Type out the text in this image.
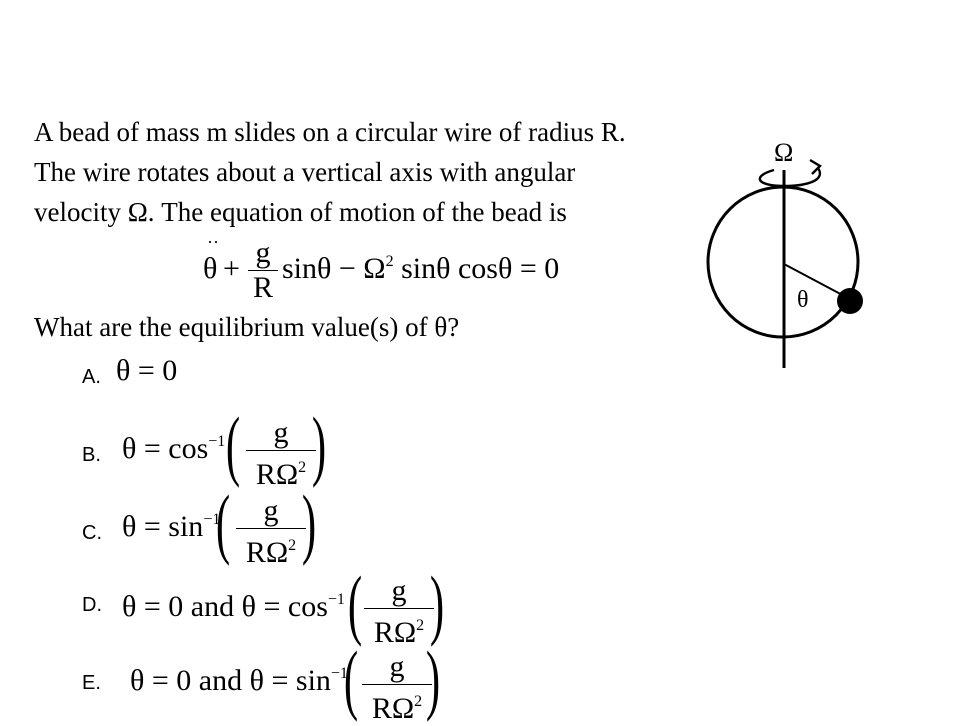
A bead of mass m slides on a circular wire of radius R.
The wire rotates about a vertical axis with angular
velocity Ω. The equation of motion of the bead is
··
θ + g
R
$\sin\theta - \Omega^2$ sinθ cosθ = 0
What are the equilibrium value(s) of θ?
Ω
θ
A. θ = 0
B. $\theta = \cos^{-1}$ (	g
$R\Omega^2$ )
C. $\theta = \sin^{-1}$
(	g
$R\Omega^2$ )
D. θ = 0 and $\theta = \cos^{-1}$ ( g
$R\Omega^2$ )
E. θ = 0 and $\theta = \sin^{-1}$
(	g
$R\Omega^2$ )
